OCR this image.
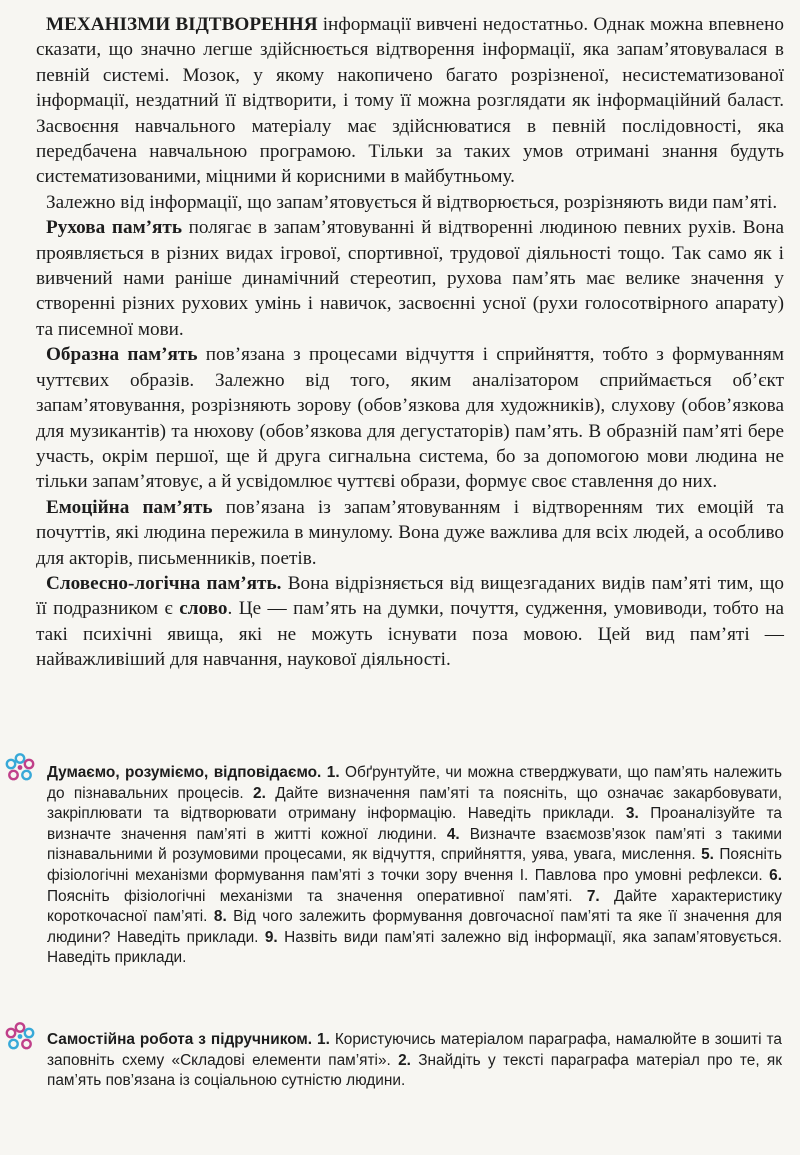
МЕХАНІЗМИ ВІДТВОРЕННЯ інформації вивчені недостатньо. Однак можна впевнено сказати, що значно легше здійснюється відтворення інформації, яка запам’ятовувалася в певній системі. Мозок, у якому накопичено багато розрізненої, несистематизованої інформації, нездатний її відтворити, і тому її можна розглядати як інформаційний баласт. Засвоєння навчального матеріалу має здійснюватися в певній послідовності, яка передбачена навчальною програмою. Тільки за таких умов отримані знання будуть систематизованими, міцними й корисними в майбутньому.

Залежно від інформації, що запам’ятовується й відтворюється, розрізняють види пам’яті.

Рухова пам’ять полягає в запам’ятовуванні й відтворенні людиною певних рухів. Вона проявляється в різних видах ігрової, спортивної, трудової діяльності тощо. Так само як і вивчений нами раніше динамічний стереотип, рухова пам’ять має велике значення у створенні різних рухових умінь і навичок, засвоєнні усної (рухи голосотвірного апарату) та писемної мови.

Образна пам’ять пов’язана з процесами відчуття і сприйняття, тобто з формуванням чуттєвих образів. Залежно від того, яким аналізатором сприймається об’єкт запам’ятовування, розрізняють зорову (обов’язкова для художників), слухову (обов’язкова для музикантів) та нюхову (обов’язкова для дегустаторів) пам’ять. В образній пам’яті бере участь, окрім першої, ще й друга сигнальна система, бо за допомогою мови людина не тільки запам’ятовує, а й усвідомлює чуттєві образи, формує своє ставлення до них.

Емоційна пам’ять пов’язана із запам’ятовуванням і відтворенням тих емоцій та почуттів, які людина пережила в минулому. Вона дуже важлива для всіх людей, а особливо для акторів, письменників, поетів.

Словесно-логічна пам’ять. Вона відрізняється від вищезгаданих видів пам’яті тим, що її подразником є слово. Це — пам’ять на думки, почуття, судження, умовиводи, тобто на такі психічні явища, які не можуть існувати поза мовою. Цей вид пам’яті — найважливіший для навчання, наукової діяльності.

Думаємо, розуміємо, відповідаємо. 1. Обґрунтуйте, чи можна стверджувати, що пам’ять належить до пізнавальних процесів. 2. Дайте визначення пам’яті та поясніть, що означає закарбовувати, закріплювати та відтворювати отриману інформацію. Наведіть приклади. 3. Проаналізуйте та визначте значення пам’яті в житті кожної людини. 4. Визначте взаємозв’язок пам’яті з такими пізнавальними й розумовими процесами, як відчуття, сприйняття, уява, увага, мислення. 5. Поясніть фізіологічні механізми формування пам’яті з точки зору вчення І. Павлова про умовні рефлекси. 6. Поясніть фізіологічні механізми та значення оперативної пам’яті. 7. Дайте характеристику короткочасної пам’яті. 8. Від чого залежить формування довгочасної пам’яті та яке її значення для людини? Наведіть приклади. 9. Назвіть види пам’яті залежно від інформації, яка запам’ятовується. Наведіть приклади.
Самостійна робота з підручником. 1. Користуючись матеріалом параграфа, намалюйте в зошиті та заповніть схему «Складові елементи пам’яті». 2. Знайдіть у тексті параграфа матеріал про те, як пам’ять пов’язана із соціальною сутністю людини.
